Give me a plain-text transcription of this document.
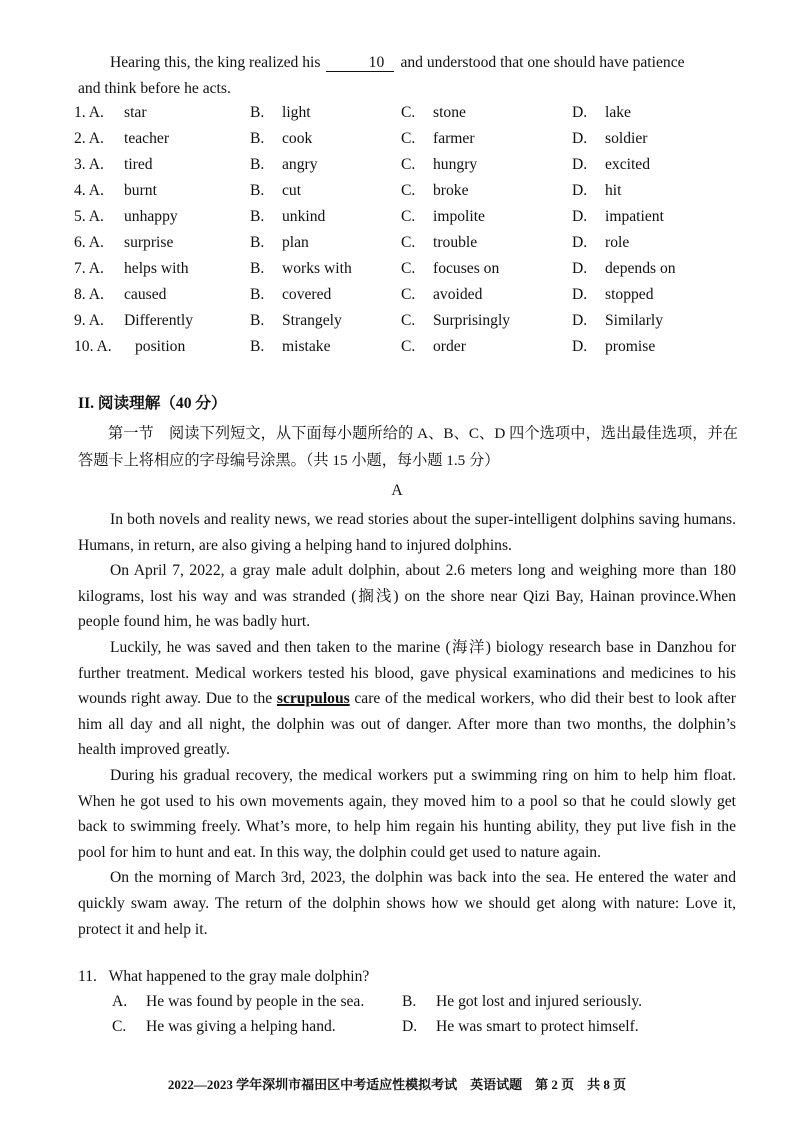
Hearing this, the king realized his	10 and understood that one should have patience
and think before he acts.
1. A. star	B. light	C. stone	D. lake
2. A. teacher	B. cook	C. farmer	D. soldier
3. A. tired	B. angry	C. hungry	D. excited
4. A. burnt	B. cut	C. broke	D. hit
5. A. unhappy	B. unkind	C. impolite	D. impatient
6. A. surprise	B. plan	C. trouble	D. role
7. A. helps with	B. works with	C. focuses on	D. depends on
8. A. caused	B. covered	C. avoided	D. stopped
9. A. Differently	B. Strangely	C. Surprisingly	D. Similarly
10. A. position	B. mistake	C. order	D. promise
II. 阅读理解（40 分）
第一节　阅读下列短文，从下面每小题所给的 A、B、C、D 四个选项中，选出最佳选项，并在答题卡上将相应的字母编号涂黑。（共 15 小题，每小题 1.5 分）
A

In both novels and reality news, we read stories about the super-intelligent dolphins saving humans. Humans, in return, are also giving a helping hand to injured dolphins.

On April 7, 2022, a gray male adult dolphin, about 2.6 meters long and weighing more than 180 kilograms, lost his way and was stranded (搁浅) on the shore near Qizi Bay, Hainan province.When people found him, he was badly hurt.

Luckily, he was saved and then taken to the marine (海洋) biology research base in Danzhou for further treatment. Medical workers tested his blood, gave physical examinations and medicines to his wounds right away. Due to the scrupulous care of the medical workers, who did their best to look after him all day and all night, the dolphin was out of danger. After more than two months, the dolphin’s health improved greatly.

During his gradual recovery, the medical workers put a swimming ring on him to help him float. When he got used to his own movements again, they moved him to a pool so that he could slowly get back to swimming freely. What’s more, to help him regain his hunting ability, they put live fish in the pool for him to hunt and eat. In this way, the dolphin could get used to nature again.

On the morning of March 3rd, 2023, the dolphin was back into the sea. He entered the water and quickly swam away. The return of the dolphin shows how we should get along with nature: Love it, protect it and help it.

11. What happened to the gray male dolphin?
A. He was found by people in the sea. B. He got lost and injured seriously.
C. He was giving a helping hand.	D. He was smart to protect himself.
2022—2023 学年深圳市福田区中考适应性模拟考试　英语试题　第 2 页　共 8 页
